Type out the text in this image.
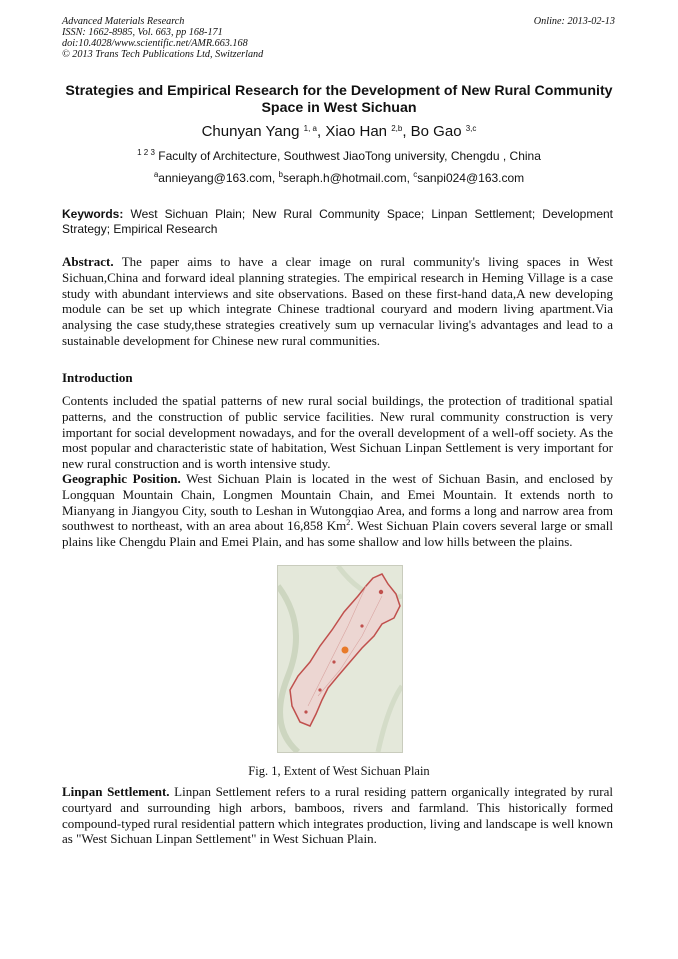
Advanced Materials Research
ISSN: 1662-8985, Vol. 663, pp 168-171
doi:10.4028/www.scientific.net/AMR.663.168
© 2013 Trans Tech Publications Ltd, Switzerland
Online: 2013-02-13
Strategies and Empirical Research for the Development of New Rural Community Space in West Sichuan
Chunyan Yang $^{1, a}$, Xiao Han $^{2,b}$, Bo Gao $^{3,c}$
$^{1 2 3}$ Faculty of Architecture, Southwest JiaoTong university, Chengdu , China
$^a$annieyang@163.com, $^b$seraph.h@hotmail.com, $^c$sanpi024@163.com
Keywords: West Sichuan Plain; New Rural Community Space; Linpan Settlement; Development Strategy; Empirical Research
Abstract. The paper aims to have a clear image on rural community's living spaces in West Sichuan,China and forward ideal planning strategies. The empirical research in Heming Village is a case study with abundant interviews and site observations. Based on these first-hand data,A new developing module can be set up which integrate Chinese tradtional couryard and modern living apartment.Via analysing the case study,these strategies creatively sum up vernacular living's advantages and lead to a sustainable development for Chinese new rural communities.
Introduction
Contents included the spatial patterns of new rural social buildings, the protection of traditional spatial patterns, and the construction of public service facilities. New rural community construction is very important for social development nowadays, and for the overall development of a well-off society. As the most popular and characteristic state of habitation, West Sichuan Linpan Settlement is very important for new rural construction and is worth intensive study.
Geographic Position. West Sichuan Plain is located in the west of Sichuan Basin, and enclosed by Longquan Mountain Chain, Longmen Mountain Chain, and Emei Mountain. It extends north to Mianyang in Jiangyou City, south to Leshan in Wutongqiao Area, and forms a long and narrow area from southwest to northeast, with an area about 16,858 Km$^2$. West Sichuan Plain covers several large or small plains like Chengdu Plain and Emei Plain, and has some shallow and low hills between the plains.
Fig. 1, Extent of West Sichuan Plain
Linpan Settlement. Linpan Settlement refers to a rural residing pattern organically integrated by rural courtyard and surrounding high arbors, bamboos, rivers and farmland. This historically formed compound-typed rural residential pattern which integrates production, living and landscape is well known as "West Sichuan Linpan Settlement" in West Sichuan Plain.
